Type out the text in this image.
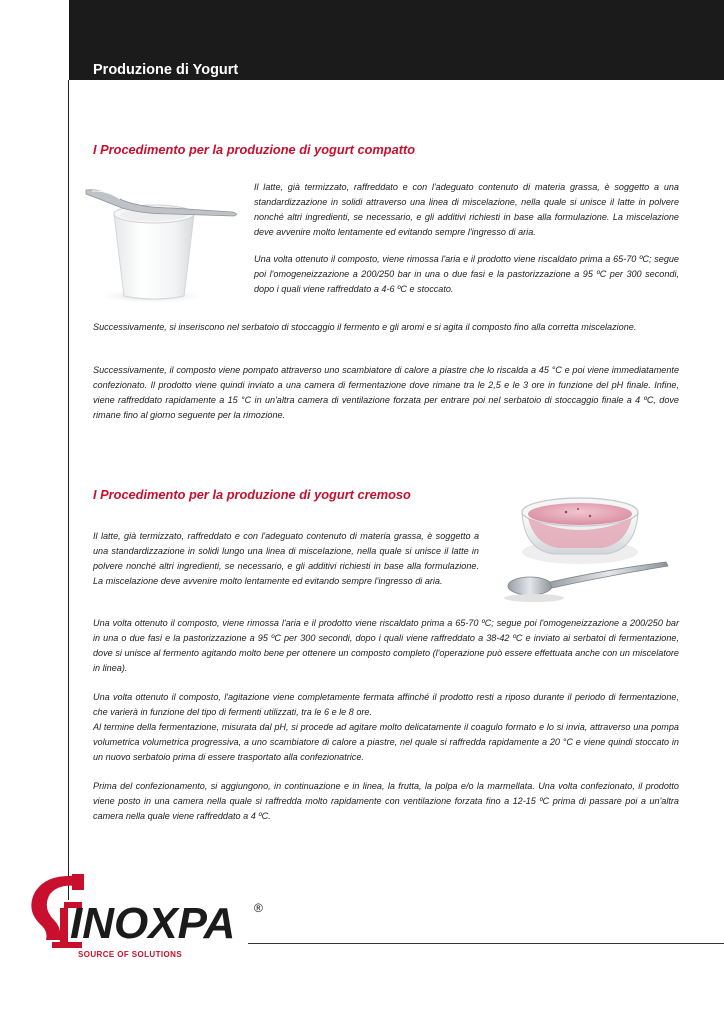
Produzione di Yogurt
I Procedimento per la produzione di yogurt compatto

Il latte, già termizzato, raffreddato e con l'adeguato contenuto di materia grassa, è soggetto a una standardizzazione in solidi attraverso una linea di miscelazione, nella quale si unisce il latte in polvere nonché altri ingredienti, se necessario, e gli additivi richiesti in base alla formulazione. La miscelazione deve avvenire molto lentamente ed evitando sempre l'ingresso di aria.

Una volta ottenuto il composto, viene rimossa l'aria e il prodotto viene riscaldato prima a 65-70 ºC; segue poi l'omogeneizzazione a 200/250 bar in una o due fasi e la pastorizzazione a 95 ºC per 300 secondi, dopo i quali viene raffreddato a 4-6 ºC e stoccato.

Successivamente, si inseriscono nel serbatoio di stoccaggio il fermento e gli aromi e si agita il composto fino alla corretta miscelazione.

Successivamente, il composto viene pompato attraverso uno scambiatore di calore a piastre che lo riscalda a 45 °C e poi viene immediatamente confezionato. Il prodotto viene quindi inviato a una camera di fermentazione dove rimane tra le 2,5 e le 3 ore in funzione del pH finale. Infine, viene raffreddato rapidamente a 15 °C in un'altra camera di ventilazione forzata per entrare poi nel serbatoio di stoccaggio finale a 4 ºC, dove rimane fino al giorno seguente per la rimozione.

I Procedimento per la produzione di yogurt cremoso

Il latte, già termizzato, raffreddato e con l'adeguato contenuto di materia grassa, è soggetto a una standardizzazione in solidi lungo una linea di miscelazione, nella quale si unisce il latte in polvere nonché altri ingredienti, se necessario, e gli additivi richiesti in base alla formulazione. La miscelazione deve avvenire molto lentamente ed evitando sempre l'ingresso di aria.

Una volta ottenuto il composto, viene rimossa l'aria e il prodotto viene riscaldato prima a 65-70 ºC; segue poi l'omogeneizzazione a 200/250 bar in una o due fasi e la pastorizzazione a 95 ºC per 300 secondi, dopo i quali viene raffreddato a 38-42 ºC e inviato ai serbatoi di fermentazione, dove si unisce al fermento agitando molto bene per ottenere un composto completo (l'operazione può essere effettuata anche con un miscelatore in linea).

Una volta ottenuto il composto, l'agitazione viene completamente fermata affinché il prodotto resti a riposo durante il periodo di fermentazione, che varierà in funzione del tipo di fermenti utilizzati, tra le 6 e le 8 ore.

Al termine della fermentazione, misurata dal pH, si procede ad agitare molto delicatamente il coagulo formato e lo si invia, attraverso una pompa volumetrica volumetrica progressiva, a uno scambiatore di calore a piastre, nel quale si raffredda rapidamente a 20 °C e viene quindi stoccato in un nuovo serbatoio prima di essere trasportato alla confezionatrice.

Prima del confezionamento, si aggiungono, in continuazione e in linea, la frutta, la polpa e/o la marmellata. Una volta confezionato, il prodotto viene posto in una camera nella quale si raffredda molto rapidamente con ventilazione forzata fino a 12-15 ºC prima di passare poi a un'altra camera nella quale viene raffreddato a 4 ºC.

INOXPA ®

SOURCE OF SOLUTIONS
